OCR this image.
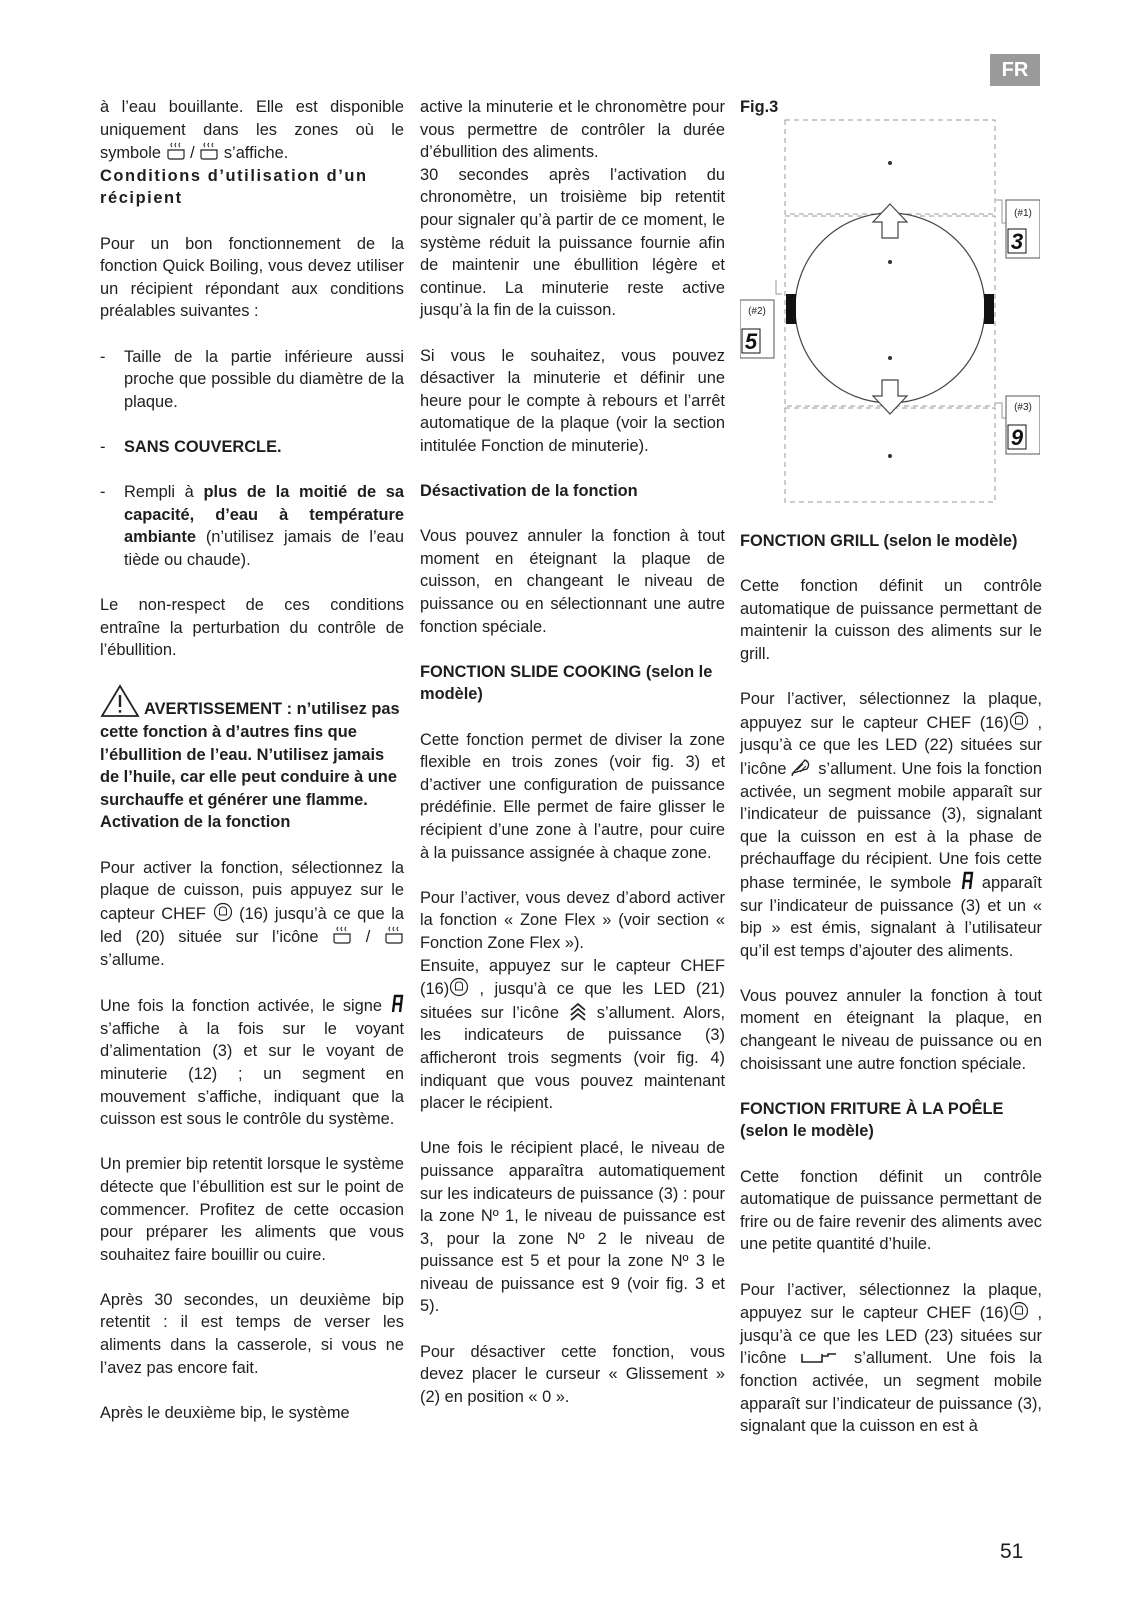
FR

à l’eau bouillante. Elle est disponible uniquement dans les zones où le symbole / s’affiche.

Conditions d’utilisation d’un récipient

Pour un bon fonctionnement de la fonction Quick Boiling, vous devez utiliser un récipient répondant aux conditions préalables suivantes :

- Taille de la partie inférieure aussi proche que possible du diamètre de la plaque.
- SANS COUVERCLE.
- Rempli à plus de la moitié de sa capacité, d’eau à température ambiante (n’utilisez jamais de l’eau tiède ou chaude).

Le non-respect de ces conditions entraîne la perturbation du contrôle de l’ébullition.

AVERTISSEMENT : n’utilisez pas cette fonction à d’autres fins que l’ébullition de l’eau. N’utilisez jamais de l’huile, car elle peut conduire à une surchauffe et générer une flamme.

Activation de la fonction

Pour activer la fonction, sélectionnez la plaque de cuisson, puis appuyez sur le capteur CHEF (16) jusqu’à ce que la led (20) située sur l’icône	/ s’allume.

Une fois la fonction activée, le signe  s’affiche à la fois sur le voyant d’alimentation (3) et sur le voyant de minuterie (12) ; un segment en mouvement s’affiche, indiquant que la cuisson est sous le contrôle du système.

Un premier bip retentit lorsque le système détecte que l’ébullition est sur le point de commencer. Profitez de cette occasion pour préparer les aliments que vous souhaitez faire bouillir ou cuire.

Après 30 secondes, un deuxième bip retentit : il est temps de verser les aliments dans la casserole, si vous ne l’avez pas encore fait.

Après le deuxième bip, le système

active la minuterie et le chronomètre pour vous permettre de contrôler la durée d’ébullition des aliments.

30 secondes après l’activation du chronomètre, un troisième bip retentit pour signaler qu’à partir de ce moment, le système réduit la puissance fournie afin de maintenir une ébullition légère et continue. La minuterie reste active jusqu’à la fin de la cuisson.

Si vous le souhaitez, vous pouvez désactiver la minuterie et définir une heure pour le compte à rebours et l’arrêt automatique de la plaque (voir la section intitulée Fonction de minuterie).

Désactivation de la fonction

Vous pouvez annuler la fonction à tout moment en éteignant la plaque de cuisson, en changeant le niveau de puissance ou en sélectionnant une autre fonction spéciale.

FONCTION SLIDE COOKING (selon le modèle)

Cette fonction permet de diviser la zone flexible en trois zones (voir fig. 3) et d’activer une configuration de puissance prédéfinie. Elle permet de faire glisser le récipient d’une zone à l’autre, pour cuire à la puissance assignée à chaque zone.

Pour l’activer, vous devez d’abord activer la fonction « Zone Flex » (voir section « Fonction Zone Flex »).

Ensuite, appuyez sur le capteur CHEF (16) , jusqu’à ce que les LED (21) situées sur l’icône s’allument. Alors, les indicateurs de puissance (3) afficheront trois segments (voir fig. 4) indiquant que vous pouvez maintenant placer le récipient.

Une fois le récipient placé, le niveau de puissance apparaîtra automatiquement sur les indicateurs de puissance (3) : pour la zone Nº 1, le niveau de puissance est 3, pour la zone Nº 2 le niveau de puissance est 5 et pour la zone Nº 3 le niveau de puissance est 9 (voir fig. 3 et 5).

Pour désactiver cette fonction, vous devez placer le curseur « Glissement » (2) en position « 0 ».

Fig.3

(#1)
3
(#2)
5
(#3)
9

FONCTION GRILL (selon le modèle)

Cette fonction définit un contrôle automatique de puissance permettant de maintenir la cuisson des aliments sur le grill.

Pour l’activer, sélectionnez la plaque, appuyez sur le capteur CHEF (16) , jusqu’à ce que les LED (22) situées sur l’icône s’allument. Une fois la fonction activée, un segment mobile apparaît sur l’indicateur de puissance (3), signalant que la cuisson en est à la phase de préchauffage du récipient. Une fois cette phase terminée, le symbole apparaît sur l’indicateur de puissance (3) et un « bip » est émis, signalant à l’utilisateur qu’il est temps d’ajouter des aliments.

Vous pouvez annuler la fonction à tout moment en éteignant la plaque, en changeant le niveau de puissance ou en choisissant une autre fonction spéciale.

FONCTION FRITURE À LA POÊLE (selon le modèle)

Cette fonction définit un contrôle automatique de puissance permettant de frire ou de faire revenir des aliments avec une petite quantité d’huile.

Pour l’activer, sélectionnez la plaque, appuyez sur le capteur CHEF (16) , jusqu’à ce que les LED (23) situées sur l’icône	s’allument. Une fois la fonction activée, un segment mobile apparaît sur l’indicateur de puissance (3), signalant que la cuisson en est à

51
